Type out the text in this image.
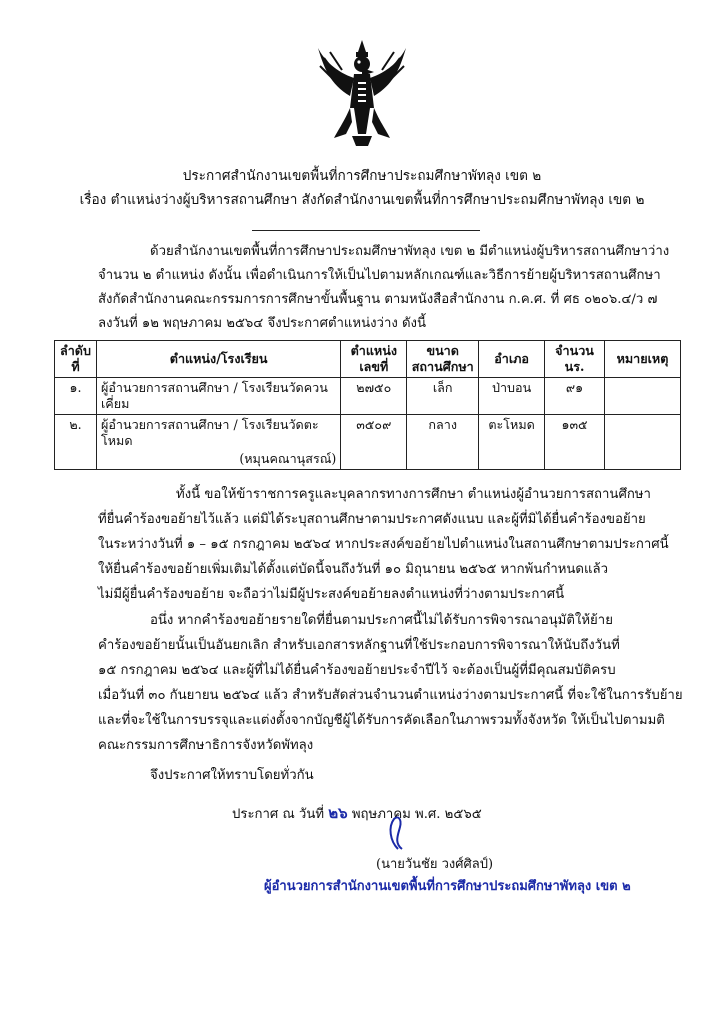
ประกาศสำนักงานเขตพื้นที่การศึกษาประถมศึกษาพัทลุง เขต ๒
เรื่อง ตำแหน่งว่างผู้บริหารสถานศึกษา สังกัดสำนักงานเขตพื้นที่การศึกษาประถมศึกษาพัทลุง เขต ๒
ด้วยสำนักงานเขตพื้นที่การศึกษาประถมศึกษาพัทลุง เขต ๒ มีตำแหน่งผู้บริหารสถานศึกษาว่าง
จำนวน ๒ ตำแหน่ง ดังนั้น เพื่อดำเนินการให้เป็นไปตามหลักเกณฑ์และวิธีการย้ายผู้บริหารสถานศึกษา
สังกัดสำนักงานคณะกรรมการการศึกษาขั้นพื้นฐาน ตามหนังสือสำนักงาน ก.ค.ศ. ที่ ศธ ๐๒๐๖.๔/ว ๗
ลงวันที่ ๑๒ พฤษภาคม ๒๕๖๔ จึงประกาศตำแหน่งว่าง ดังนี้
ลำดับ ที่	ตำแหน่ง/โรงเรียน	ตำแหน่ง เลขที่	ขนาด สถานศึกษา	อำเภอ	จำนวน นร.	หมายเหตุ
๑.	ผู้อำนวยการสถานศึกษา / โรงเรียนวัดควนเคี่ยม	๒๗๕๐	เล็ก	ป่าบอน	๙๑	
๒.	ผู้อำนวยการสถานศึกษา / โรงเรียนวัดตะโหมด
(หมุนคณานุสรณ์)	๓๕๐๙	กลาง	ตะโหมด	๑๓๕	
ทั้งนี้ ขอให้ข้าราชการครูและบุคลากรทางการศึกษา ตำแหน่งผู้อำนวยการสถานศึกษา
ที่ยื่นคำร้องขอย้ายไว้แล้ว แต่มิได้ระบุสถานศึกษาตามประกาศดังแนบ และผู้ที่มิได้ยื่นคำร้องขอย้าย
ในระหว่างวันที่ ๑ – ๑๕ กรกฎาคม ๒๕๖๔ หากประสงค์ขอย้ายไปตำแหน่งในสถานศึกษาตามประกาศนี้
ให้ยื่นคำร้องขอย้ายเพิ่มเติมได้ตั้งแต่บัดนี้จนถึงวันที่ ๑๐ มิถุนายน ๒๕๖๕ หากพ้นกำหนดแล้ว
ไม่มีผู้ยื่นคำร้องขอย้าย จะถือว่าไม่มีผู้ประสงค์ขอย้ายลงตำแหน่งที่ว่างตามประกาศนี้
อนึ่ง หากคำร้องขอย้ายรายใดที่ยื่นตามประกาศนี้ไม่ได้รับการพิจารณาอนุมัติให้ย้าย
คำร้องขอย้ายนั้นเป็นอันยกเลิก สำหรับเอกสารหลักฐานที่ใช้ประกอบการพิจารณาให้นับถึงวันที่
๑๕ กรกฎาคม ๒๕๖๔ และผู้ที่ไม่ได้ยื่นคำร้องขอย้ายประจำปีไว้ จะต้องเป็นผู้ที่มีคุณสมบัติครบ
เมื่อวันที่ ๓๐ กันยายน ๒๕๖๔ แล้ว สำหรับสัดส่วนจำนวนตำแหน่งว่างตามประกาศนี้ ที่จะใช้ในการรับย้าย
และที่จะใช้ในการบรรจุและแต่งตั้งจากบัญชีผู้ได้รับการคัดเลือกในภาพรวมทั้งจังหวัด ให้เป็นไปตามมติ
คณะกรรมการศึกษาธิการจังหวัดพัทลุง
จึงประกาศให้ทราบโดยทั่วกัน
ประกาศ ณ วันที่ ๒๖ พฤษภาคม พ.ศ. ๒๕๖๕
(นายวันชัย วงศ์ศิลป์)
ผู้อำนวยการสำนักงานเขตพื้นที่การศึกษาประถมศึกษาพัทลุง เขต ๒
